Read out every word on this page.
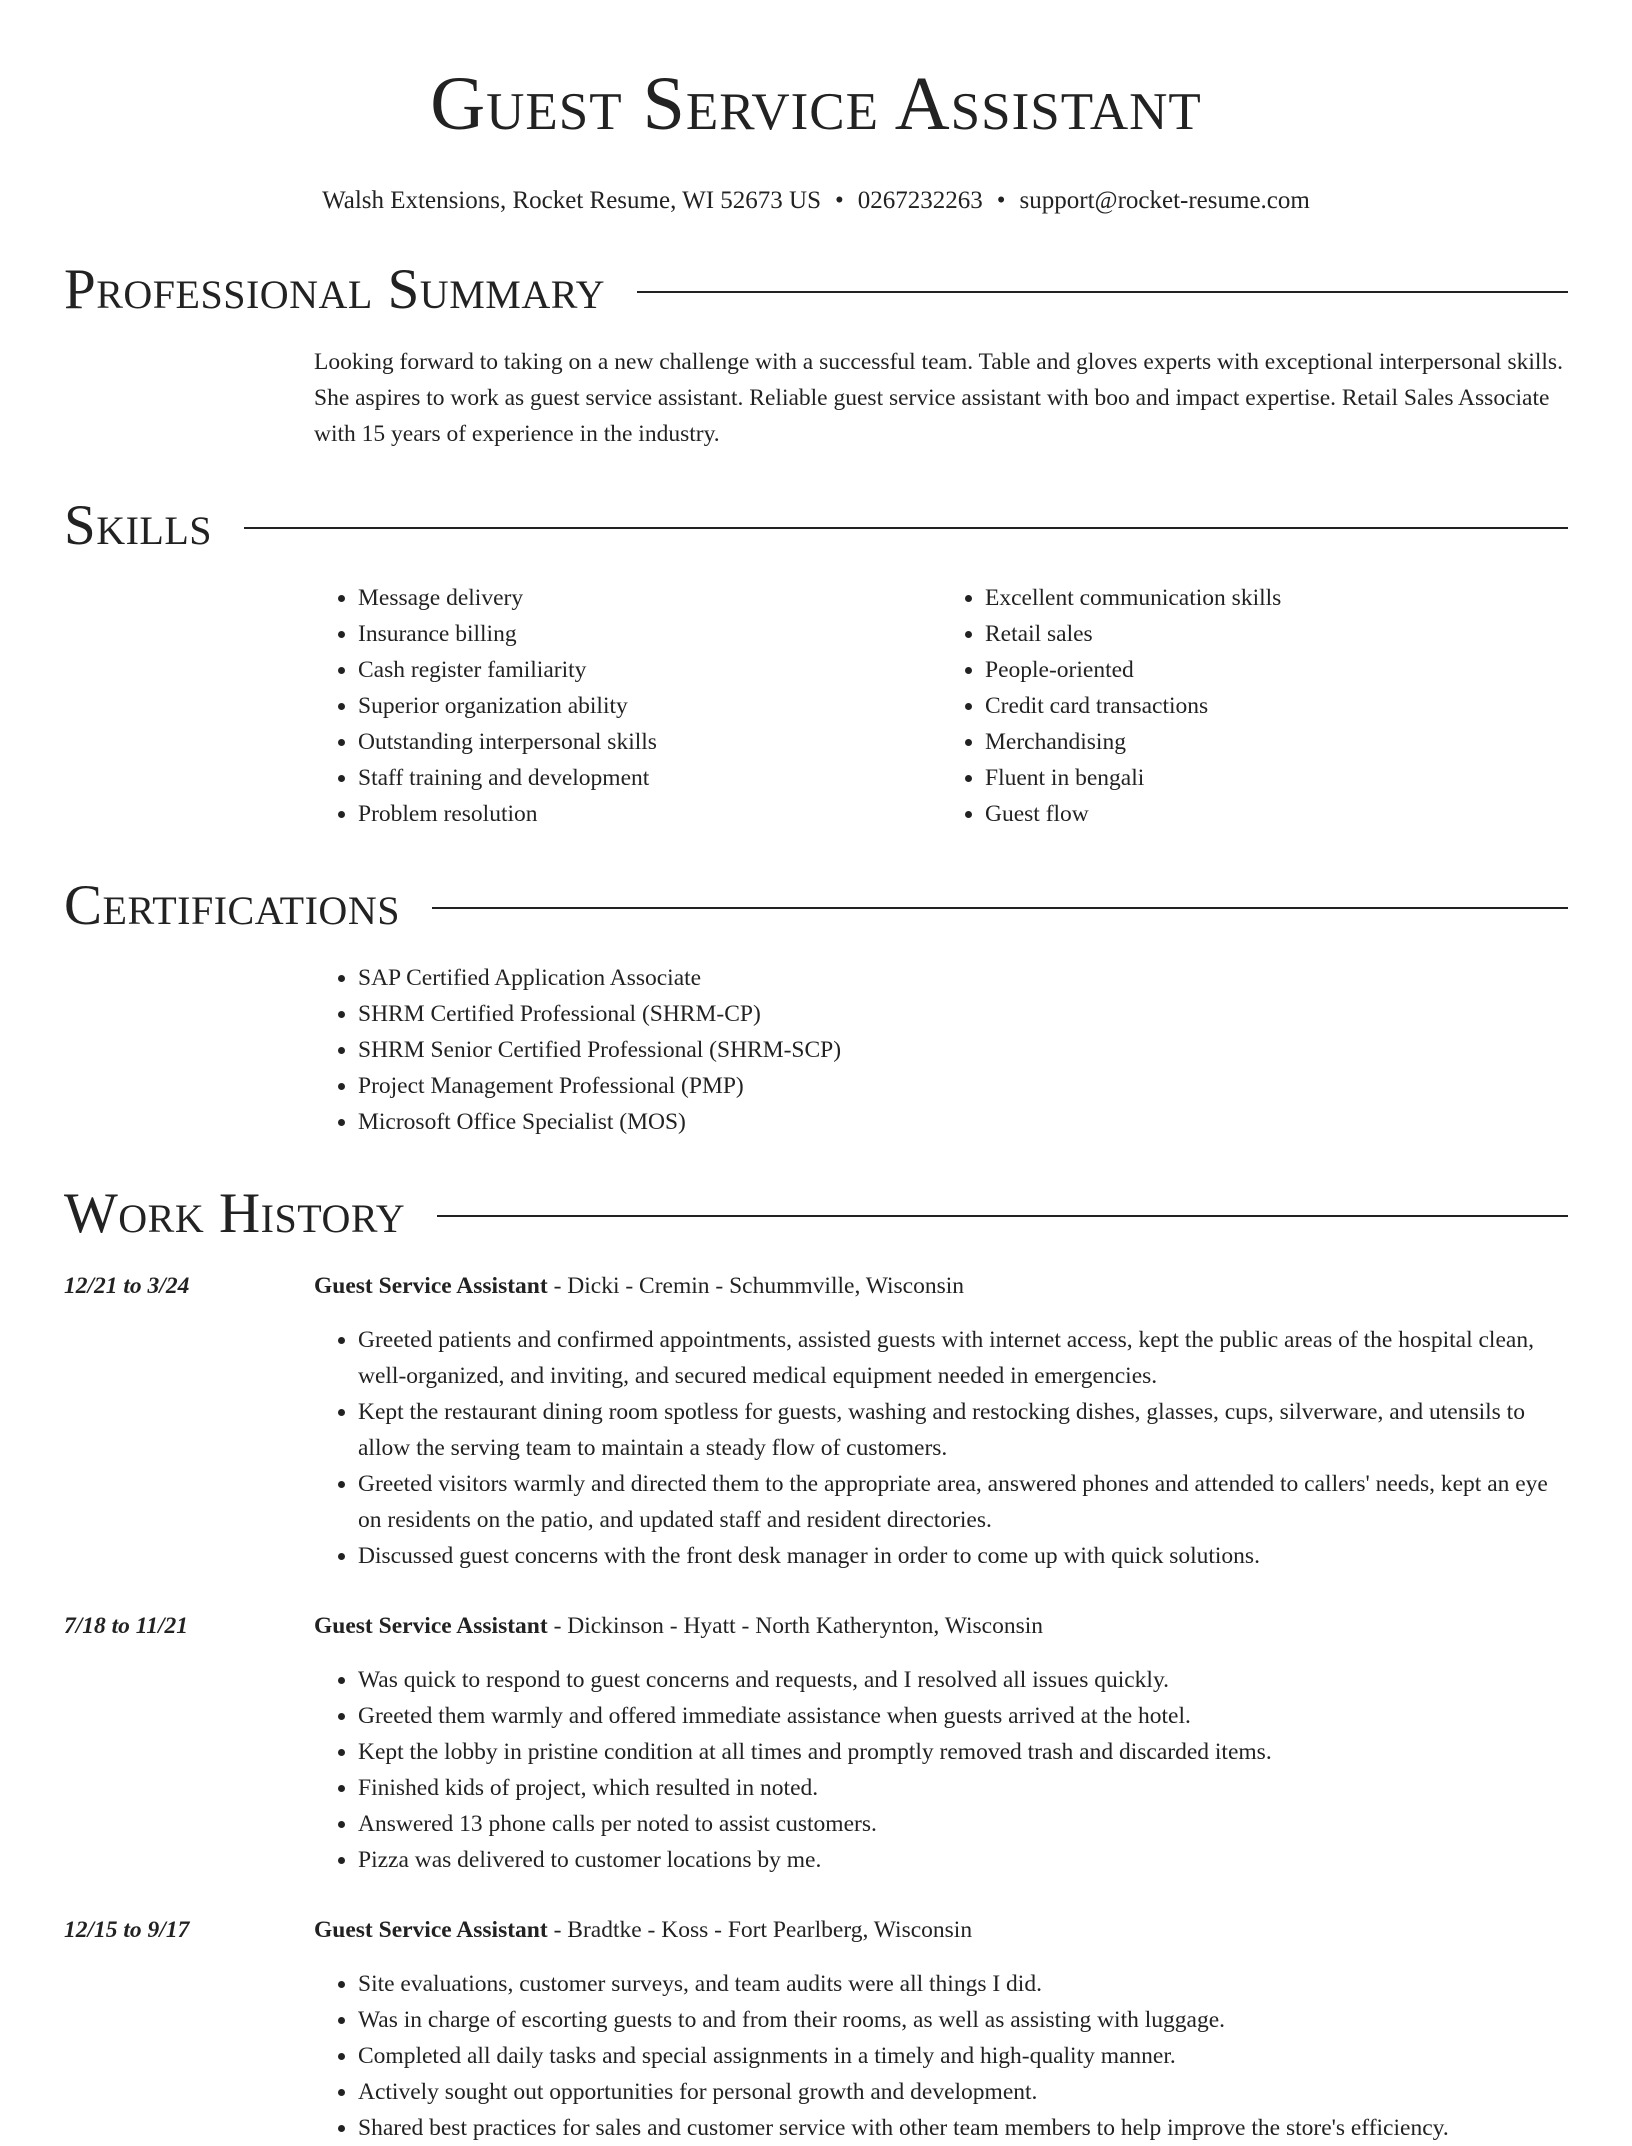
Guest Service Assistant
Walsh Extensions, Rocket Resume, WI 52673 US • 0267232263 • support@rocket-resume.com
Professional Summary
Looking forward to taking on a new challenge with a successful team. Table and gloves experts with exceptional interpersonal skills. She aspires to work as guest service assistant. Reliable guest service assistant with boo and impact expertise. Retail Sales Associate with 15 years of experience in the industry.
Skills
• Message delivery
• Insurance billing
• Cash register familiarity
• Superior organization ability
• Outstanding interpersonal skills
• Staff training and development
• Problem resolution
• Excellent communication skills
• Retail sales
• People-oriented
• Credit card transactions
• Merchandising
• Fluent in bengali
• Guest flow
Certifications
• SAP Certified Application Associate
• SHRM Certified Professional (SHRM-CP)
• SHRM Senior Certified Professional (SHRM-SCP)
• Project Management Professional (PMP)
• Microsoft Office Specialist (MOS)
Work History
12/21 to 3/24	Guest Service Assistant - Dicki - Cremin - Schummville, Wisconsin
• Greeted patients and confirmed appointments, assisted guests with internet access, kept the public areas of the hospital clean, well-organized, and inviting, and secured medical equipment needed in emergencies.
• Kept the restaurant dining room spotless for guests, washing and restocking dishes, glasses, cups, silverware, and utensils to allow the serving team to maintain a steady flow of customers.
• Greeted visitors warmly and directed them to the appropriate area, answered phones and attended to callers' needs, kept an eye on residents on the patio, and updated staff and resident directories.
• Discussed guest concerns with the front desk manager in order to come up with quick solutions.
7/18 to 11/21	Guest Service Assistant - Dickinson - Hyatt - North Katherynton, Wisconsin
• Was quick to respond to guest concerns and requests, and I resolved all issues quickly.
• Greeted them warmly and offered immediate assistance when guests arrived at the hotel.
• Kept the lobby in pristine condition at all times and promptly removed trash and discarded items.
• Finished kids of project, which resulted in noted.
• Answered 13 phone calls per noted to assist customers.
• Pizza was delivered to customer locations by me.
12/15 to 9/17	Guest Service Assistant - Bradtke - Koss - Fort Pearlberg, Wisconsin
• Site evaluations, customer surveys, and team audits were all things I did.
• Was in charge of escorting guests to and from their rooms, as well as assisting with luggage.
• Completed all daily tasks and special assignments in a timely and high-quality manner.
• Actively sought out opportunities for personal growth and development.
• Shared best practices for sales and customer service with other team members to help improve the store's efficiency.
